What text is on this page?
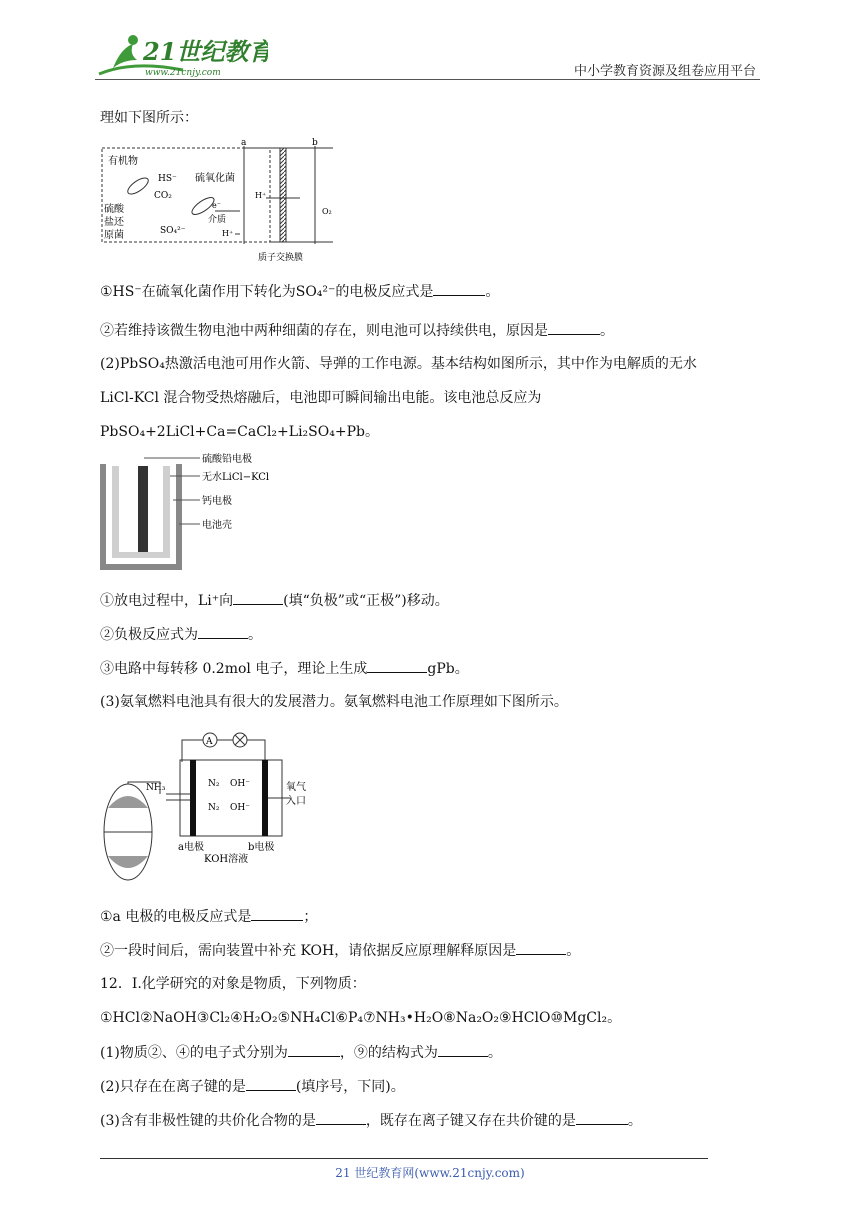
21世纪教育
www.21cnjy.com	中小学教育资源及组卷应用平台
理如下图所示：
a	b
有机物
HS⁻
CO₂
硫氧化菌
硫酸
盐还
原菌	SO₄²⁻
e⁻
介质
H⁺
H⁺
O₂
质子交换膜
①HS⁻在硫氧化菌作用下转化为SO₄²⁻的电极反应式是	。
②若维持该微生物电池中两种细菌的存在，则电池可以持续供电，原因是	。
(2)PbSO₄热激活电池可用作火箭、导弹的工作电源。基本结构如图所示，其中作为电解质的无水
LiCl-KCl 混合物受热熔融后，电池即可瞬间输出电能。该电池总反应为
PbSO₄+2LiCl+Ca=CaCl₂+Li₂SO₄+Pb。
硫酸铅电极
无水LiCl−KCl
钙电极
电池壳
①放电过程中，Li⁺向	(填“负极”或“正极”)移动。
②负极反应式为	。
③电路中每转移 0.2mol 电子，理论上生成	gPb。
(3)氨氧燃料电池具有很大的发展潜力。氨氧燃料电池工作原理如下图所示。
A
NH₃	N₂
N₂
OH⁻
OH⁻
氧气
入口
a电极	b电极
KOH溶液
①a 电极的电极反应式是	；
②一段时间后，需向装置中补充 KOH，请依据反应原理解释原因是	。
12．I.化学研究的对象是物质，下列物质：
①HCl②NaOH③Cl₂④H₂O₂⑤NH₄Cl⑥P₄⑦NH₃•H₂O⑧Na₂O₂⑨HClO⑩MgCl₂。
(1)物质②、④的电子式分别为	，⑨的结构式为	。
(2)只存在在离子键的是	(填序号，下同)。
(3)含有非极性键的共价化合物的是	，既存在离子键又存在共价键的是	。
21 世纪教育网(www.21cnjy.com)
